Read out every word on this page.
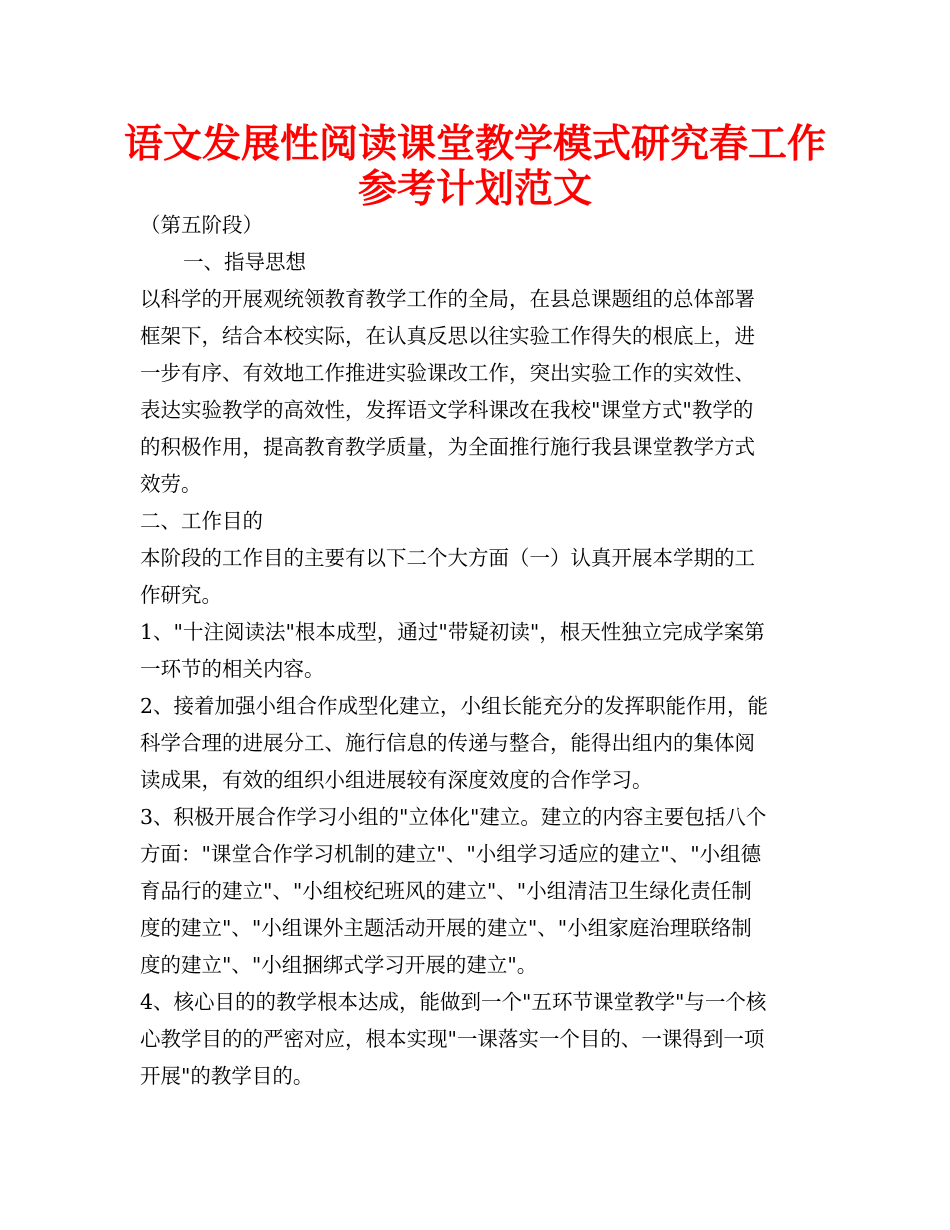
语文发展性阅读课堂教学模式研究春工作
参考计划范文
（第五阶段）
一、指导思想
以科学的开展观统领教育教学工作的全局，在县总课题组的总体部署
框架下，结合本校实际，在认真反思以往实验工作得失的根底上，进
一步有序、有效地工作推进实验课改工作，突出实验工作的实效性、
表达实验教学的高效性，发挥语文学科课改在我校"课堂方式"教学的
的积极作用，提高教育教学质量，为全面推行施行我县课堂教学方式
效劳。
二、工作目的
本阶段的工作目的主要有以下二个大方面（一）认真开展本学期的工
作研究。
1、"十注阅读法"根本成型，通过"带疑初读"，根天性独立完成学案第
一环节的相关内容。
2、接着加强小组合作成型化建立，小组长能充分的发挥职能作用，能
科学合理的进展分工、施行信息的传递与整合，能得出组内的集体阅
读成果，有效的组织小组进展较有深度效度的合作学习。
3、积极开展合作学习小组的"立体化"建立。建立的内容主要包括八个
方面："课堂合作学习机制的建立"、"小组学习适应的建立"、"小组德
育品行的建立"、"小组校纪班风的建立"、"小组清洁卫生绿化责任制
度的建立"、"小组课外主题活动开展的建立"、"小组家庭治理联络制
度的建立"、"小组捆绑式学习开展的建立"。
4、核心目的的教学根本达成，能做到一个"五环节课堂教学"与一个核
心教学目的的严密对应，根本实现"一课落实一个目的、一课得到一项
开展"的教学目的。
